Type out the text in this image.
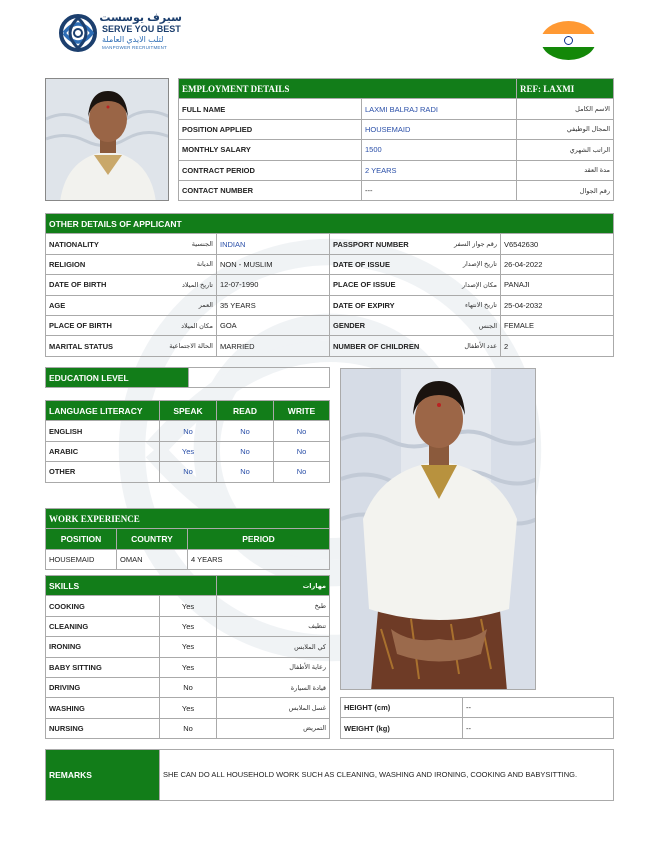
سيرف يوسست
SERVE YOU BEST
لتلب الايدي العاملة
MANPOWER RECRUITMENT
EMPLOYMENT DETAILS		REF: LAXMI
FULL NAME	LAXMI BALRAJ RADI	الاسم الكامل
POSITION APPLIED	HOUSEMAID	المجال الوظيفي
MONTHLY SALARY	1500	الراتب الشهري
CONTRACT PERIOD	2 YEARS	مدة العقد
CONTACT NUMBER	---	رقم الجوال
OTHER DETAILS OF APPLICANT			

NATIONALITY الجنسية	INDIAN	PASSPORT NUMBER رقم جواز السفر	V6542630

RELIGION الديانة	NON - MUSLIM	DATE OF ISSUE تاريخ الإصدار	26-04-2022

DATE OF BIRTH تاريخ الميلاد	12-07-1990	PLACE OF ISSUE مكان الإصدار	PANAJI

AGE العمر	35 YEARS	DATE OF EXPIRY تاريخ الانتهاء	25-04-2032

PLACE OF BIRTH مكان الميلاد	GOA	GENDER الجنس	FEMALE

MARITAL STATUS الحالة الاجتماعية	MARRIED	NUMBER OF CHILDREN عدد الأطفال	2
EDUCATION LEVEL	
LANGUAGE LITERACY	SPEAK	READ	WRITE
ENGLISH	No	No	No
ARABIC	Yes	No	No
OTHER	No	No	No
WORK EXPERIENCE		
POSITION	COUNTRY	PERIOD
HOUSEMAID	OMAN	4 YEARS
SKILLS		مهارات
COOKING	Yes	طبخ
CLEANING	Yes	تنظيف
IRONING	Yes	كي الملابس
BABY SITTING	Yes	رعاية الأطفال
DRIVING	No	قيادة السيارة
WASHING	Yes	غسل الملابس
NURSING	No	التمريض
HEIGHT (cm)	--
WEIGHT (kg)	--
REMARKS	SHE CAN DO ALL HOUSEHOLD WORK SUCH AS CLEANING, WASHING AND IRONING, COOKING AND BABYSITTING.
